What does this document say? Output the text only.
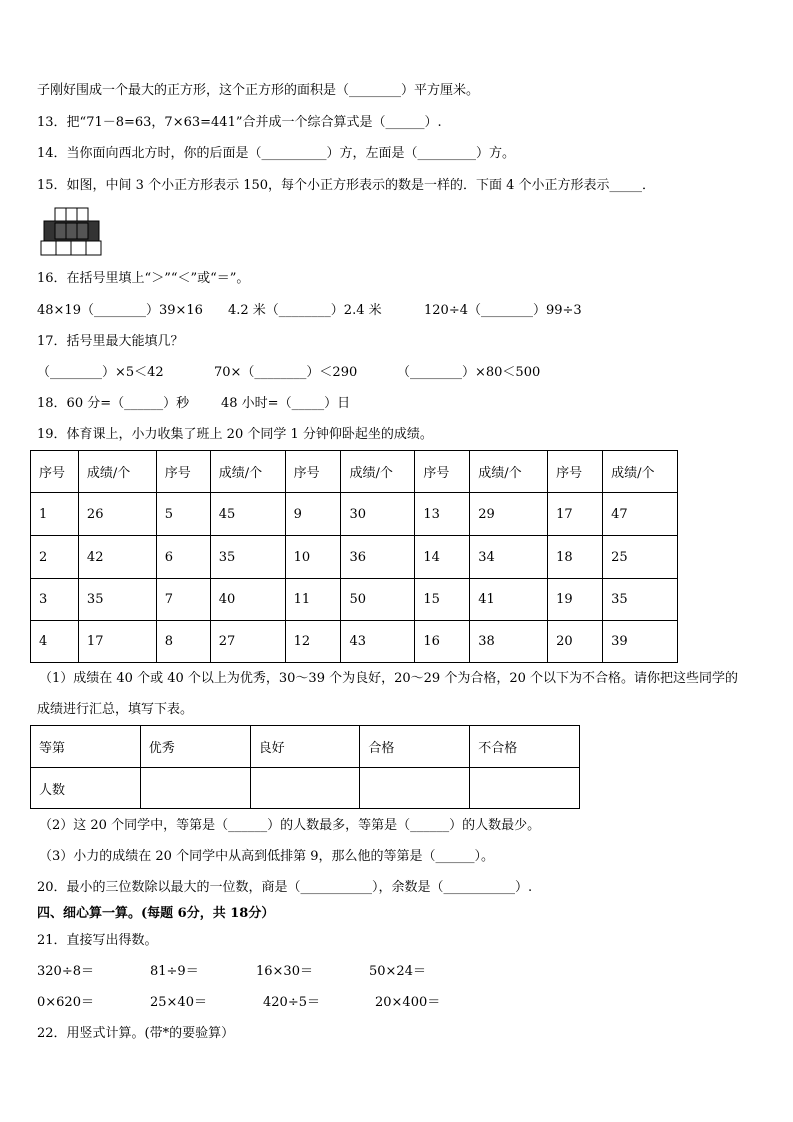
子刚好围成一个最大的正方形，这个正方形的面积是（________）平方厘米。
13．把“71－8=63，7×63=441”合并成一个综合算式是（______）.
14．当你面向西北方时，你的后面是（__________）方，左面是（_________）方。
15．如图，中间 3 个小正方形表示 150，每个小正方形表示的数是一样的．下面 4 个小正方形表示_____．
16．在括号里填上“＞”“＜”或“＝”。
48×19（________）39×16 4.2 米（________）2.4 米	120÷4（________）99÷3
17．括号里最大能填几？
（________）×5＜42	70×（________）＜290	（________）×80＜500
18．60 分=（______）秒 48 小时=（_____）日
19．体育课上，小力收集了班上 20 个同学 1 分钟仰卧起坐的成绩。
序号	成绩/个	序号	成绩/个	序号	成绩/个	序号	成绩/个	序号	成绩/个
1	26	5	45	9	30	13	29	17	47
2	42	6	35	10	36	14	34	18	25
3	35	7	40	11	50	15	41	19	35
4	17	8	27	12	43	16	38	20	39
（1）成绩在 40 个或 40 个以上为优秀，30～39 个为良好，20～29 个为合格，20 个以下为不合格。请你把这些同学的
成绩进行汇总，填写下表。
等第	优秀	良好	合格	不合格
人数				
（2）这 20 个同学中，等第是（______）的人数最多，等第是（______）的人数最少。
（3）小力的成绩在 20 个同学中从高到低排第 9，那么他的等第是（______）。
20．最小的三位数除以最大的一位数，商是（___________），余数是（___________）.
四、细心算一算。(每题 6分，共 18分）
21．直接写出得数。
320÷8＝	81÷9＝	16×30＝	50×24＝
0×620＝	25×40＝	420÷5＝	20×400＝
22．用竖式计算。(带*的要验算）
